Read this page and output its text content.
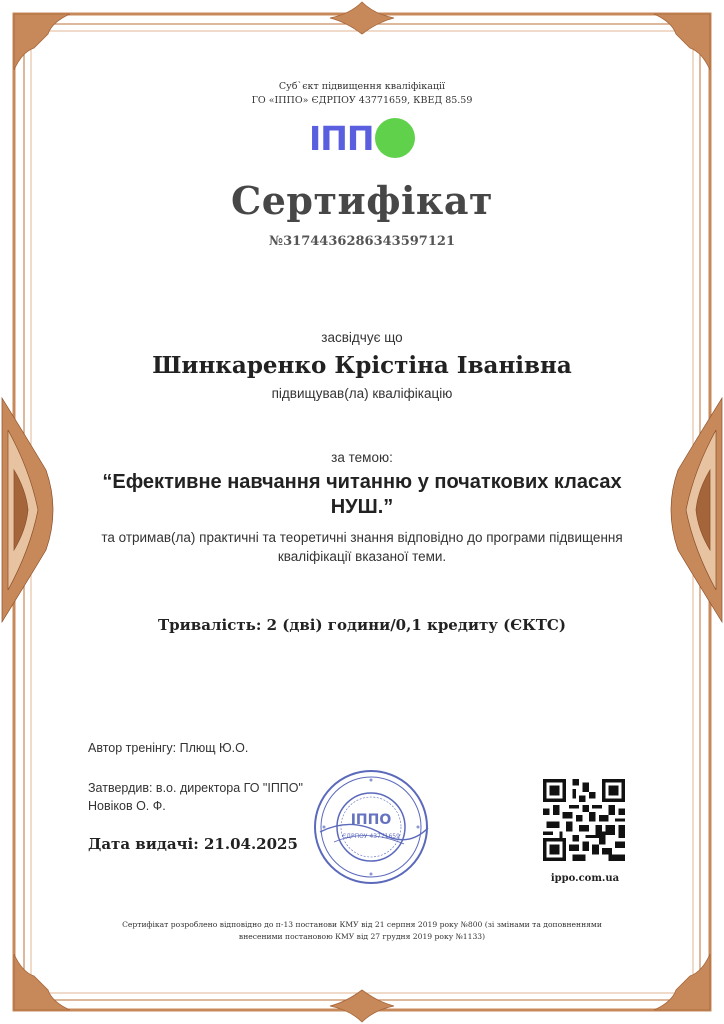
Суб`єкт підвищення кваліфікації
ГО «ІППО» ЄДРПОУ 43771659, КВЕД 85.59
ІПП
Сертифікат
№3174436286343597121
засвідчує що
Шинкаренко Крістіна Іванівна
підвищував(ла) кваліфікацію
за темою:
“Ефективне навчання читанню у початкових класах НУШ.”
та отримав(ла) практичні та теоретичні знання відповідно до програми підвищення кваліфікації вказаної теми.
Тривалість: 2 (дві) години/0,1 кредиту (ЄКТС)
Автор тренінгу: Плющ Ю.О.
Затвердив: в.о. директора ГО "ІППО"
Новіков О. Ф.
Дата видачі: 21.04.2025
ІППО
ЄДРПОУ 43771659
ippo.com.ua
Сертифікат розроблено відповідно до п-13 постанови КМУ від 21 серпня 2019 року №800 (зі змінами та доповненнями внесеними постановою КМУ від 27 грудня 2019 року №1133)
